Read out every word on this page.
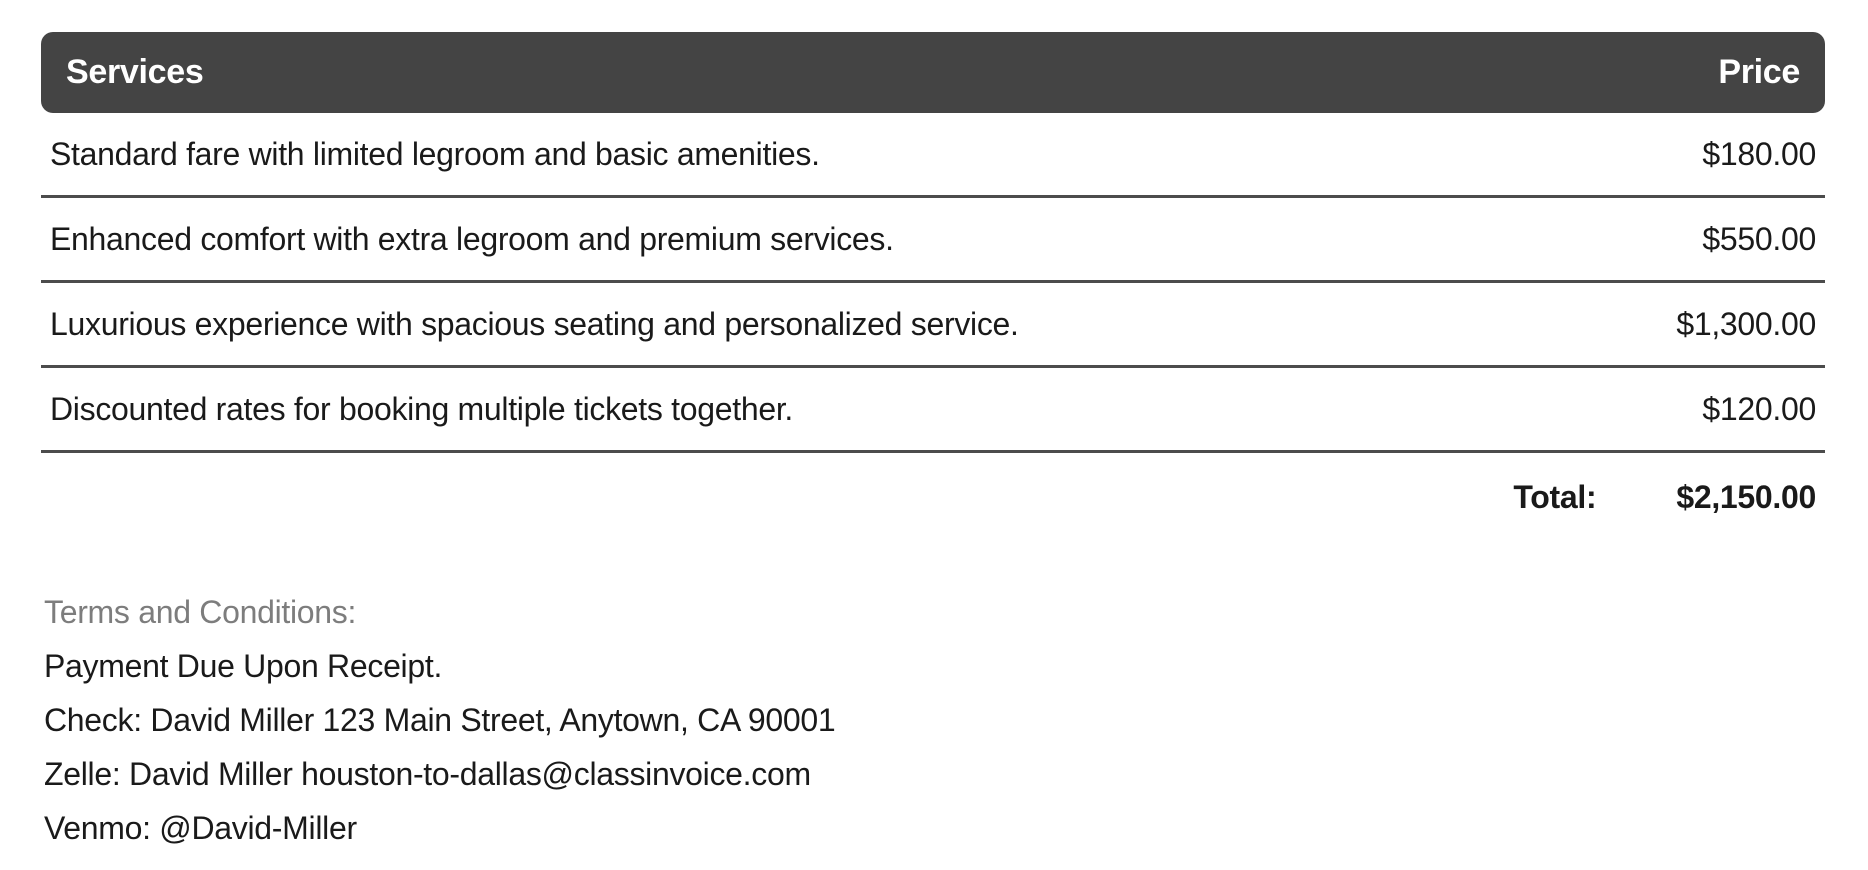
Services	Price
Standard fare with limited legroom and basic amenities.	$180.00
Enhanced comfort with extra legroom and premium services.	$550.00
Luxurious experience with spacious seating and personalized service.	$1,300.00
Discounted rates for booking multiple tickets together.	$120.00
Total:	$2,150.00
Terms and Conditions:
Payment Due Upon Receipt.
Check: David Miller 123 Main Street, Anytown, CA 90001
Zelle: David Miller houston-to-dallas@classinvoice.com
Venmo: @David-Miller
